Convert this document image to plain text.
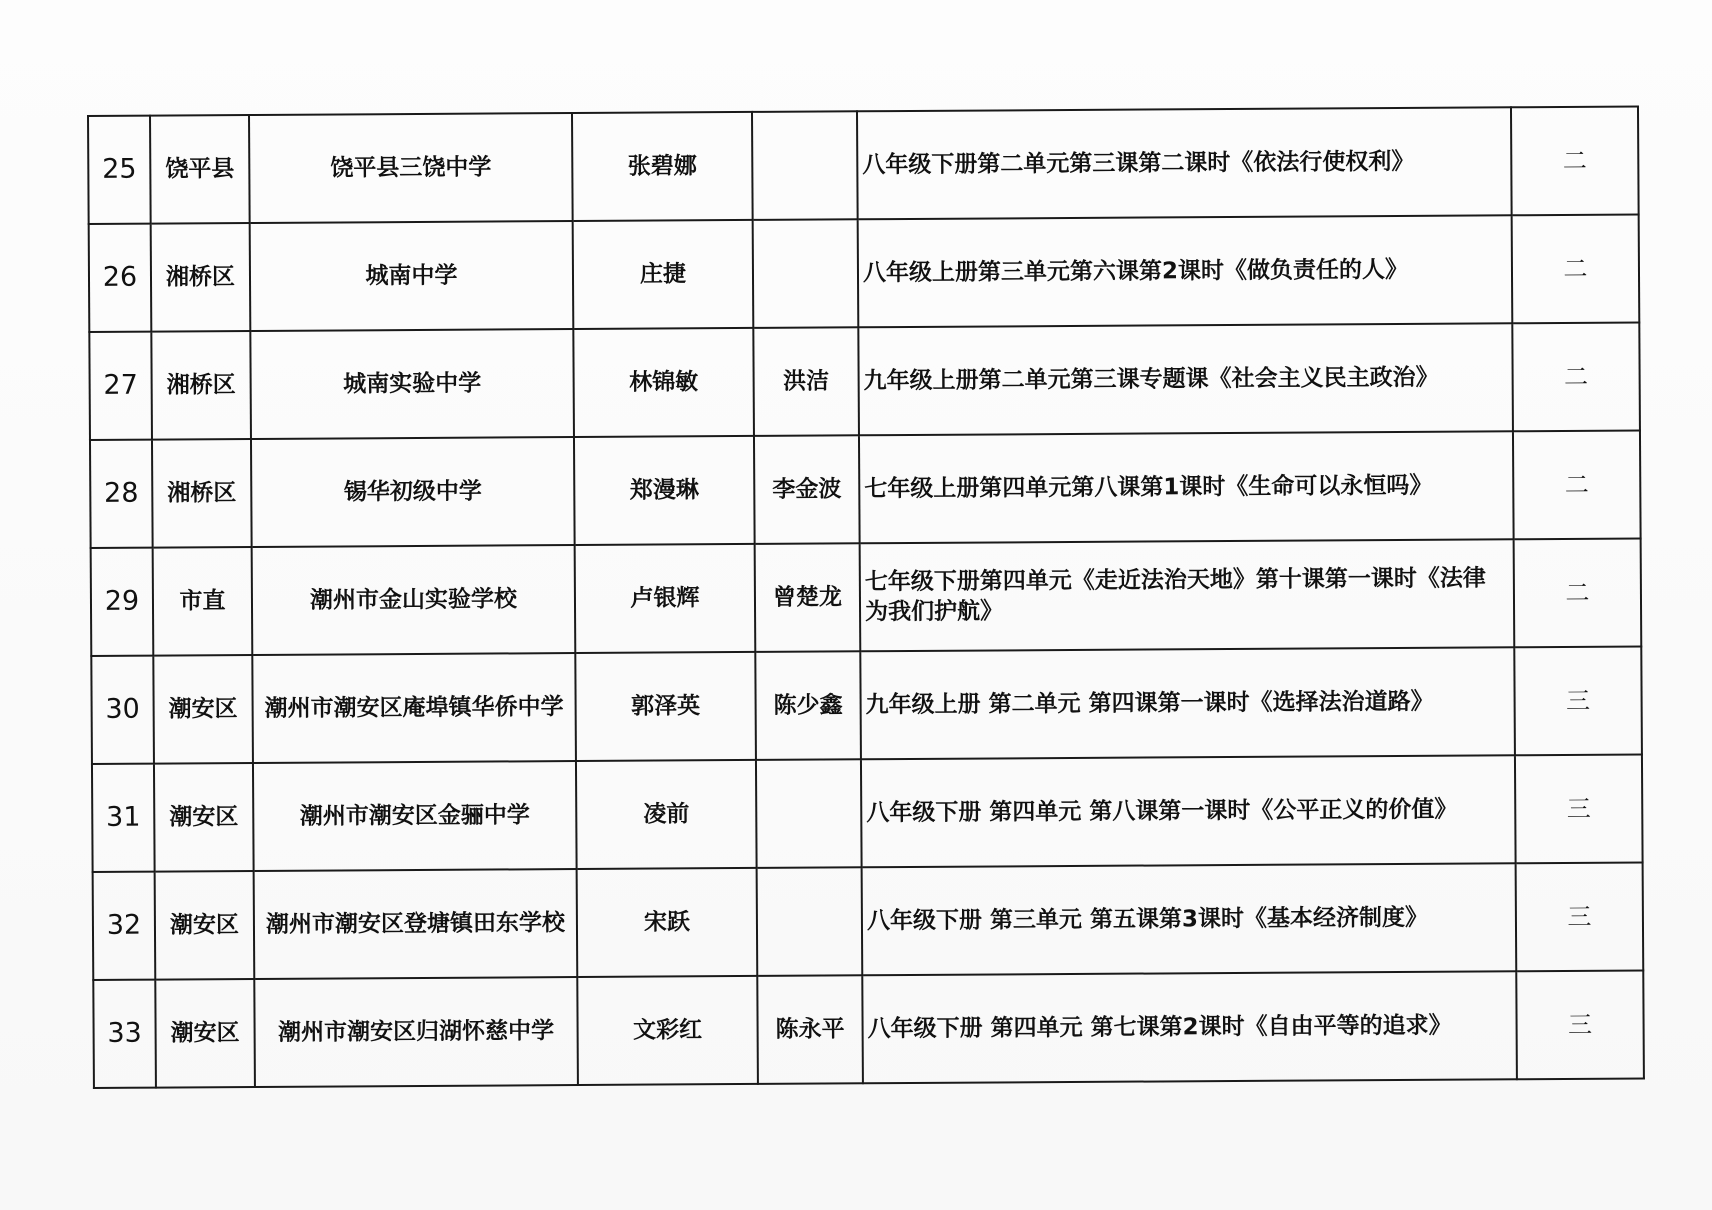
25	饶平县	饶平县三饶中学	张碧娜		八年级下册第二单元第三课第二课时《依法行使权利》	二
26	湘桥区	城南中学	庄捷		八年级上册第三单元第六课第2课时《做负责任的人》	二
27	湘桥区	城南实验中学	林锦敏	洪洁	九年级上册第二单元第三课专题课《社会主义民主政治》	二
28	湘桥区	锡华初级中学	郑漫琳	李金波	七年级上册第四单元第八课第1课时《生命可以永恒吗》	二
29	市直	潮州市金山实验学校	卢银辉	曾楚龙	七年级下册第四单元《走近法治天地》第十课第一课时《法律为我们护航》	二
30	潮安区	潮州市潮安区庵埠镇华侨中学	郭泽英	陈少鑫	九年级上册 第二单元 第四课第一课时《选择法治道路》	三
31	潮安区	潮州市潮安区金骊中学	凌前		八年级下册 第四单元 第八课第一课时《公平正义的价值》	三
32	潮安区	潮州市潮安区登塘镇田东学校	宋跃		八年级下册 第三单元 第五课第3课时《基本经济制度》	三
33	潮安区	潮州市潮安区归湖怀慈中学	文彩红	陈永平	八年级下册 第四单元 第七课第2课时《自由平等的追求》	三
